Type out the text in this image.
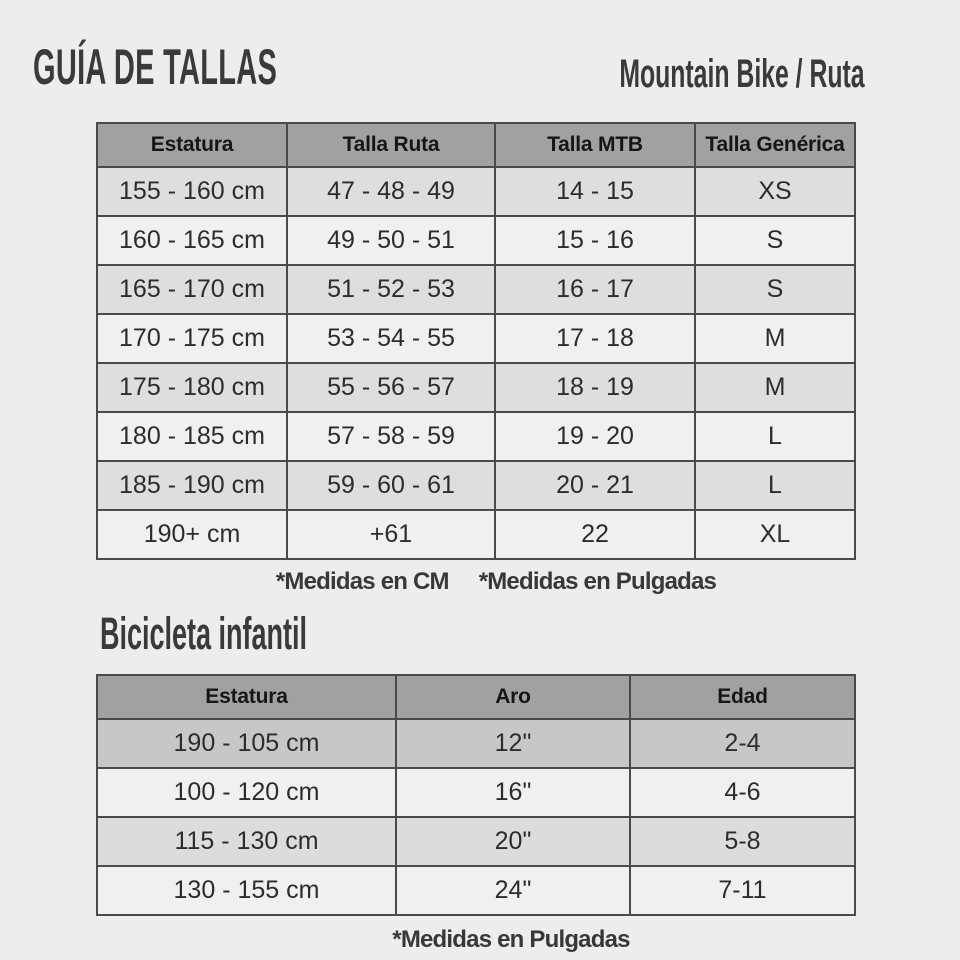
GUÍA DE TALLAS	Mountain Bike / Ruta
Estatura	Talla Ruta	Talla MTB	Talla Genérica
155 - 160 cm	47 - 48 - 49	14 - 15	XS
160 - 165 cm	49 - 50 - 51	15 - 16	S
165 - 170 cm	51 - 52 - 53	16 - 17	S
170 - 175 cm	53 - 54 - 55	17 - 18	M
175 - 180 cm	55 - 56 - 57	18 - 19	M
180 - 185 cm	57 - 58 - 59	19 - 20	L
185 - 190 cm	59 - 60 - 61	20 - 21	L
190+ cm	+61	22	XL
*Medidas en CM *Medidas en Pulgadas
Bicicleta infantil
Estatura	Aro	Edad
190 - 105 cm	12"	2-4
100 - 120 cm	16"	4-6
115 - 130 cm	20"	5-8
130 - 155 cm	24"	7-11
*Medidas en Pulgadas
